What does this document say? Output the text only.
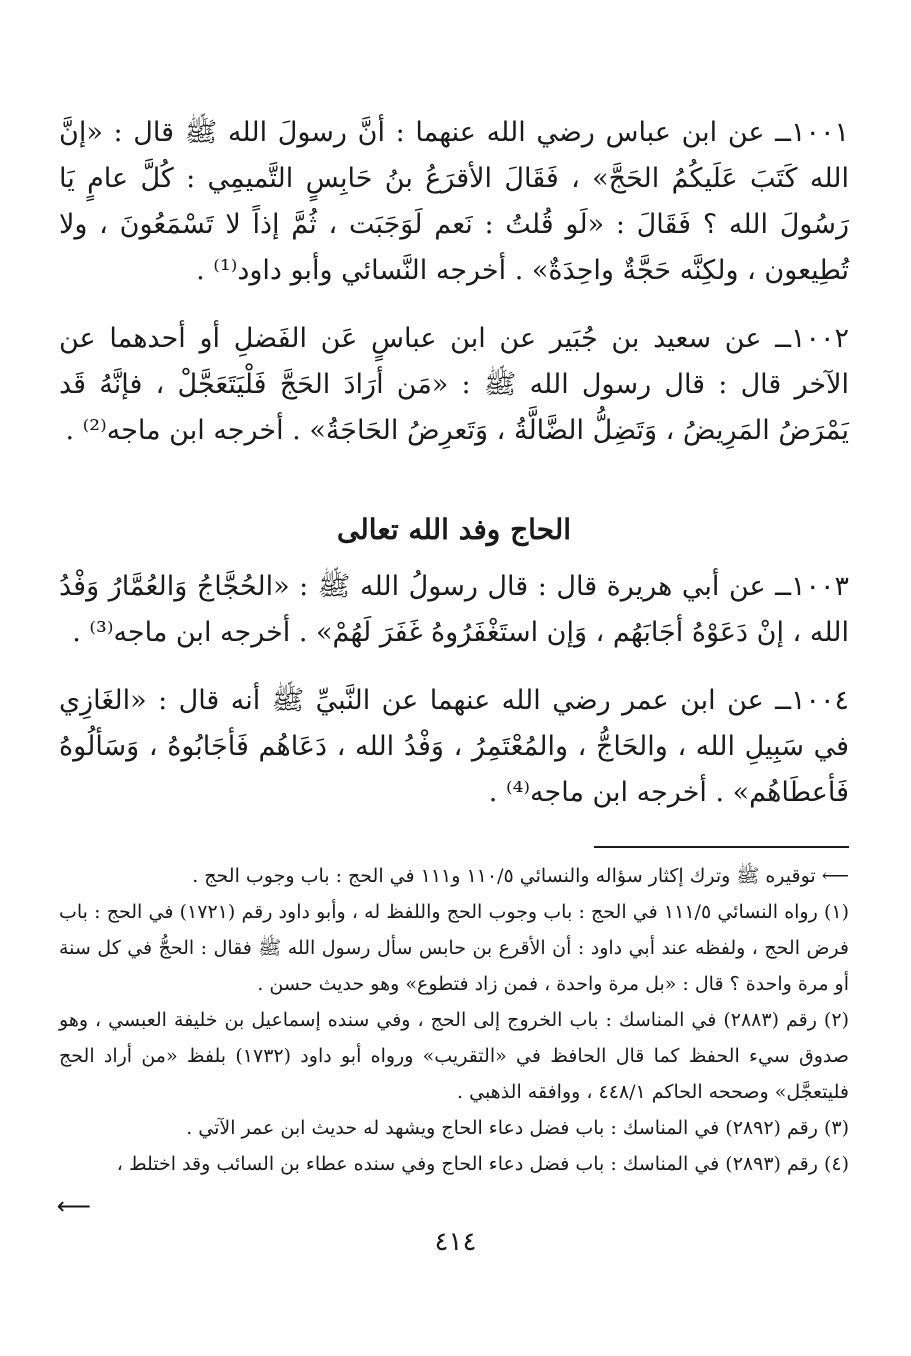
١٠٠١ــ عن ابن عباس رضي الله عنهما : أنَّ رسولَ الله ﷺ قال : «إنَّ الله كَتَبَ عَلَيكُمُ الحَجَّ» ، فَقَالَ الأقرَعُ بنُ حَابِسٍ التَّميمِي : كُلَّ عامٍ يَا رَسُولَ الله ؟ فَقَالَ : «لَو قُلتُ : نَعم لَوَجَبَت ، ثُمَّ إذاً لا تَسْمَعُونَ ، ولا تُطِيعون ، ولكِنَّه حَجَّةٌ واحِدَةٌ» . أخرجه النَّسائي وأبو داود⁽¹⁾ .

١٠٠٢ــ عن سعيد بن جُبَير عن ابن عباسٍ عَن الفَضلِ أو أحدهما عن الآخر قال : قال رسول الله ﷺ : «مَن أرَادَ الحَجَّ فَلْيَتَعَجَّلْ ، فإنَّهُ قَد يَمْرَضُ المَرِيضُ ، وَتَضِلُّ الضَّالَّةُ ، وَتَعرِضُ الحَاجَةُ» . أخرجه ابن ماجه⁽²⁾ .

الحاج وفد الله تعالى

١٠٠٣ــ عن أبي هريرة قال : قال رسولُ الله ﷺ : «الحُجَّاجُ وَالعُمَّارُ وَفْدُ الله ، إنْ دَعَوْهُ أجَابَهُم ، وَإن استَغْفَرُوهُ غَفَرَ لَهُمْ» . أخرجه ابن ماجه⁽³⁾ .

١٠٠٤ــ عن ابن عمر رضي الله عنهما عن النَّبيِّ ﷺ أنه قال : «الغَازِي في سَبِيلِ الله ، والحَاجُّ ، والمُعْتَمِرُ ، وَفْدُ الله ، دَعَاهُم فَأجَابُوهُ ، وَسَألُوهُ فَأعطَاهُم» . أخرجه ابن ماجه⁽⁴⁾ .

⟵ توقيره ﷺ وترك إكثار سؤاله والنسائي ١١٠/٥ و١١١ في الحج : باب وجوب الحج .

(١) رواه النسائي ١١١/٥ في الحج : باب وجوب الحج واللفظ له ، وأبو داود رقم (١٧٢١) في الحج : باب فرض الحج ، ولفظه عند أبي داود : أن الأقرع بن حابس سأل رسول الله ﷺ فقال : الحجُّ في كل سنة أو مرة واحدة ؟ قال : «بل مرة واحدة ، فمن زاد فتطوع» وهو حديث حسن .

(٢) رقم (٢٨٨٣) في المناسك : باب الخروج إلى الحج ، وفي سنده إسماعيل بن خليفة العبسي ، وهو صدوق سيء الحفظ كما قال الحافظ في «التقريب» ورواه أبو داود (١٧٣٢) بلفظ «من أراد الحج فليتعجَّل» وصححه الحاكم ٤٤٨/١ ، ووافقه الذهبي .

(٣) رقم (٢٨٩٢) في المناسك : باب فضل دعاء الحاج ويشهد له حديث ابن عمر الآتي .

(٤) رقم (٢٨٩٣) في المناسك : باب فضل دعاء الحاج وفي سنده عطاء بن السائب وقد اختلط ،

⟵
٤١٤
